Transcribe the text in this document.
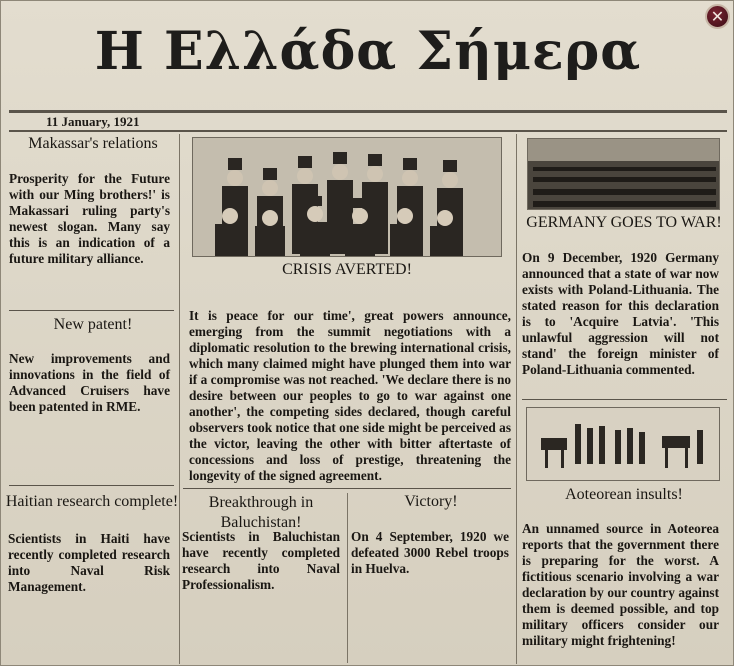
Η Ελλάδα Σήμερα
✕
11 January, 1921
Makassar's relations
Prosperity for the Future with our Ming brothers!' is Makassari ruling party's newest slogan. Many say this is an indication of a future military alliance.
New patent!
New improvements and innovations in the field of Advanced Cruisers have been patented in RME.
Haitian research complete!
Scientists in Haiti have recently completed research into Naval Risk Management.
CRISIS AVERTED!
It is peace for our time', great powers announce, emerging from the summit negotiations with a diplomatic resolution to the brewing international crisis, which many claimed might have plunged them into war if a compromise was not reached. 'We declare there is no desire between our peoples to go to war against one another', the competing sides declared, though careful observers took notice that one side might be perceived as the victor, leaving the other with bitter aftertaste of concessions and loss of prestige, threatening the longevity of the signed agreement.
Breakthrough in Baluchistan!
Scientists in Baluchistan have recently completed research into Naval Professionalism.
Victory!
On 4 September, 1920 we defeated 3000 Rebel troops in Huelva.
GERMANY GOES TO WAR!
On 9 December, 1920 Germany announced that a state of war now exists with Poland-Lithuania. The stated reason for this declaration is to 'Acquire Latvia'. 'This unlawful aggression will not stand' the foreign minister of Poland-Lithuania commented.
Aoteorean insults!
An unnamed source in Aoteorea reports that the government there is preparing for the worst. A fictitious scenario involving a war declaration by our country against them is deemed possible, and top military officers consider our military might frightening!
